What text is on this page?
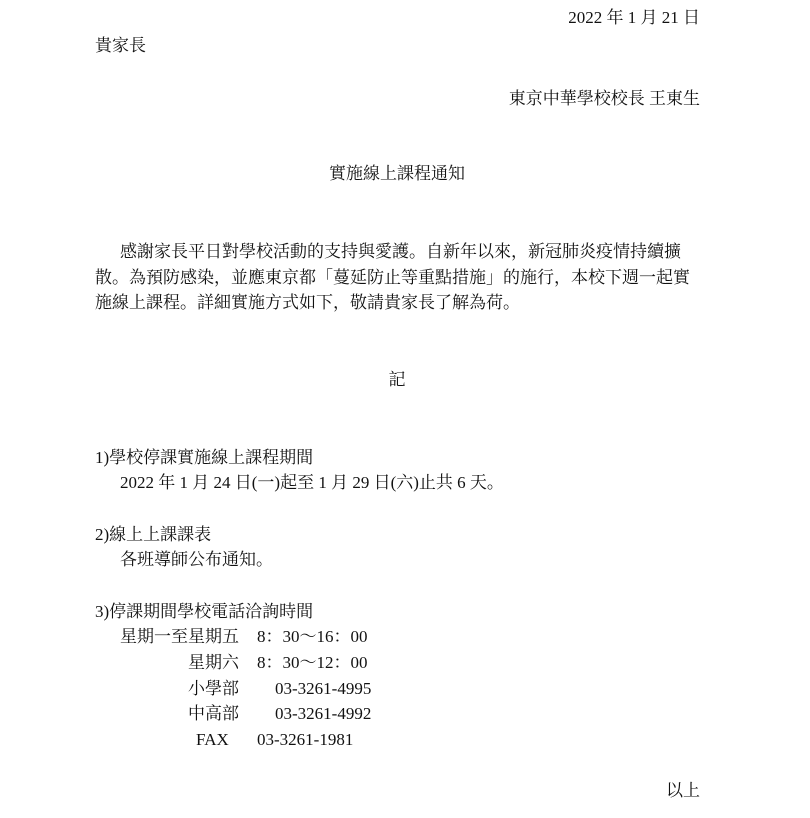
2022 年 1 月 21 日
貴家長
東京中華學校校長 王東生
實施線上課程通知
感謝家長平日對學校活動的支持與愛護。自新年以來，新冠肺炎疫情持續擴
散。為預防感染，並應東京都「蔓延防止等重點措施」的施行，本校下週一起實
施線上課程。詳細實施方式如下，敬請貴家長了解為荷。
記
1)學校停課實施線上課程期間
2022 年 1 月 24 日(一)起至 1 月 29 日(六)止共 6 天。
2)線上上課課表
各班導師公布通知。
3)停課期間學校電話洽詢時間
星期一至星期五 8：30～16：00
星期六 8：30～12：00
小學部 03-3261-4995
中高部 03-3261-4992
FAX 03-3261-1981
以上
